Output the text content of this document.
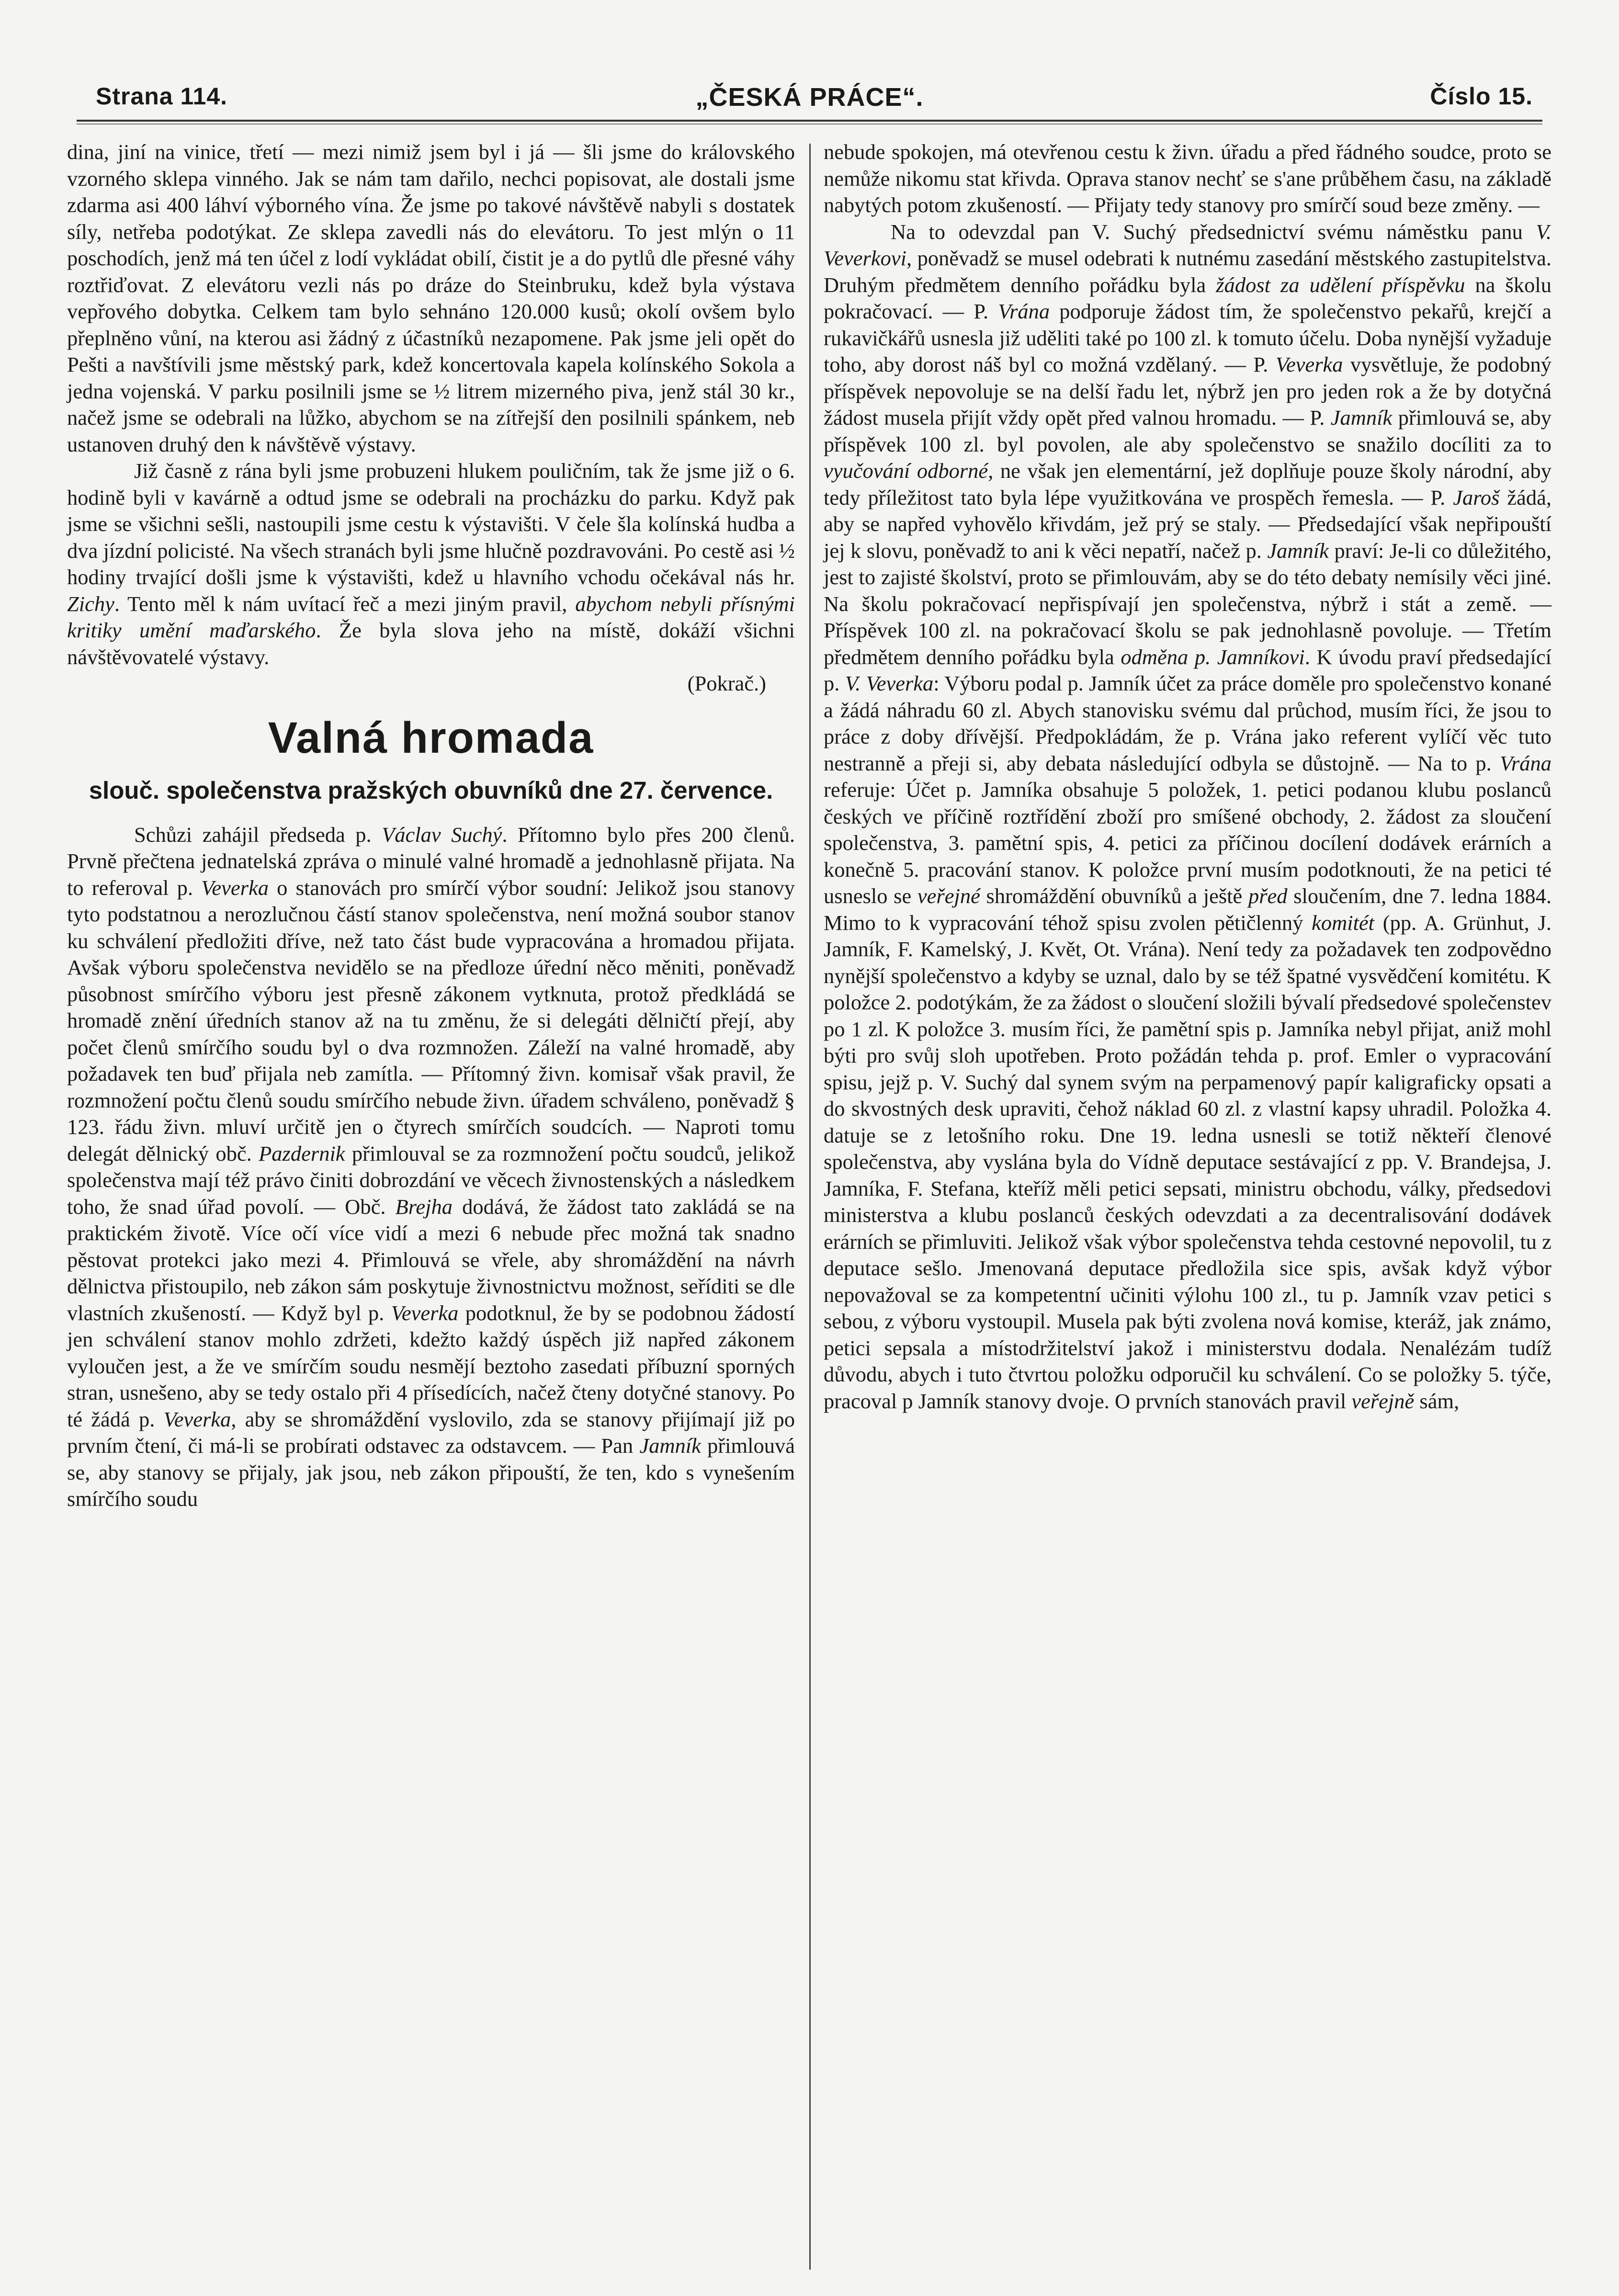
Strana 114.	„ČESKÁ PRÁCE“.	Číslo 15.

dina, jiní na vinice, třetí — mezi nimiž jsem byl i já — šli jsme do královského vzorného sklepa vinného. Jak se nám tam dařilo, nechci popisovat, ale dostali jsme zdarma asi 400 láhví výborného vína. Že jsme po takové návštěvě nabyli s dostatek síly, netřeba podotýkat. Ze sklepa zavedli nás do elevátoru. To jest mlýn o 11 poschodích, jenž má ten účel z lodí vykládat obilí, čistit je a do pytlů dle přesné váhy roztřiďovat. Z elevátoru vezli nás po dráze do Steinbruku, kdež byla výstava vepřového dobytka. Celkem tam bylo sehnáno 120.000 kusů; okolí ovšem bylo přeplněno vůní, na kterou asi žádný z účastníků nezapomene. Pak jsme jeli opět do Pešti a navštívili jsme městský park, kdež koncertovala kapela kolínského Sokola a jedna vojenská. V parku posilnili jsme se ½ litrem mizerného piva, jenž stál 30 kr., načež jsme se odebrali na lůžko, abychom se na zítřejší den posilnili spánkem, neb ustanoven druhý den k návštěvě výstavy.

Již časně z rána byli jsme probuzeni hlukem pouličním, tak že jsme již o 6. hodině byli v kavárně a odtud jsme se odebrali na procházku do parku. Když pak jsme se všichni sešli, nastoupili jsme cestu k výstavišti. V čele šla kolínská hudba a dva jízdní policisté. Na všech stranách byli jsme hlučně pozdravováni. Po cestě asi ½ hodiny trvající došli jsme k výstavišti, kdež u hlavního vchodu očekával nás hr. Zichy. Tento měl k nám uvítací řeč a mezi jiným pravil, abychom nebyli přísnými kritiky umění maďarského. Že byla slova jeho na místě, dokáží všichni návštěvovatelé výstavy.

(Pokrač.)

Valná hromada
slouč. společenstva pražských obuvníků dne 27. července.

Schůzi zahájil předseda p. Václav Suchý. Přítomno bylo přes 200 členů. Prvně přečtena jednatelská zpráva o minulé valné hromadě a jednohlasně přijata. Na to referoval p. Veverka o stanovách pro smírčí výbor soudní: Jelikož jsou stanovy tyto podstatnou a nerozlučnou částí stanov společenstva, není možná soubor stanov ku schválení předložiti dříve, než tato část bude vypracována a hromadou přijata. Avšak výboru společenstva nevidělo se na předloze úřední něco měniti, poněvadž působnost smírčího výboru jest přesně zákonem vytknuta, protož předkládá se hromadě znění úředních stanov až na tu změnu, že si delegáti dělničtí přejí, aby počet členů smírčího soudu byl o dva rozmnožen. Záleží na valné hromadě, aby požadavek ten buď přijala neb zamítla. — Přítomný živn. komisař však pravil, že rozmnožení počtu členů soudu smírčího nebude živn. úřadem schváleno, poněvadž § 123. řádu živn. mluví určitě jen o čtyrech smírčích soudcích. — Naproti tomu delegát dělnický obč. Pazdernik přimlouval se za rozmnožení počtu soudců, jelikož společenstva mají též právo činiti dobrozdání ve věcech živnostenských a následkem toho, že snad úřad povolí. — Obč. Brejha dodává, že žádost tato zakládá se na praktickém životě. Více očí více vidí a mezi 6 nebude přec možná tak snadno pěstovat protekci jako mezi 4. Přimlouvá se vřele, aby shromáždění na návrh dělnictva přistoupilo, neb zákon sám poskytuje živnostnictvu možnost, seříditi se dle vlastních zkušeností. — Když byl p. Veverka podotknul, že by se podobnou žádostí jen schválení stanov mohlo zdržeti, kdežto každý úspěch již napřed zákonem vyloučen jest, a že ve smírčím soudu nesmějí beztoho zasedati příbuzní sporných stran, usnešeno, aby se tedy ostalo při 4 přísedících, načež čteny dotyčné stanovy. Po té žádá p. Veverka, aby se shromáždění vyslovilo, zda se stanovy přijímají již po prvním čtení, či má-li se probírati odstavec za odstavcem. — Pan Jamník přimlouvá se, aby stanovy se přijaly, jak jsou, neb zákon připouští, že ten, kdo s vynešením smírčího soudu

nebude spokojen, má otevřenou cestu k živn. úřadu a před řádného soudce, proto se nemůže nikomu stat křivda. Oprava stanov nechť se s'ane průběhem času, na základě nabytých potom zkušeností. — Přijaty tedy stanovy pro smírčí soud beze změny. —

Na to odevzdal pan V. Suchý předsednictví svému náměstku panu V. Veverkovi, poněvadž se musel odebrati k nutnému zasedání městského zastupitelstva. Druhým předmětem denního pořádku byla žádost za udělení příspěvku na školu pokračovací. — P. Vrána podporuje žádost tím, že společenstvo pekařů, krejčí a rukavičkářů usnesla již uděliti také po 100 zl. k tomuto účelu. Doba nynější vyžaduje toho, aby dorost náš byl co možná vzdělaný. — P. Veverka vysvětluje, že podobný příspěvek nepovoluje se na delší řadu let, nýbrž jen pro jeden rok a že by dotyčná žádost musela přijít vždy opět před valnou hromadu. — P. Jamník přimlouvá se, aby příspěvek 100 zl. byl povolen, ale aby společenstvo se snažilo docíliti za to vyučování odborné, ne však jen elementární, jež doplňuje pouze školy národní, aby tedy příležitost tato byla lépe využitkována ve prospěch řemesla. — P. Jaroš žádá, aby se napřed vyhovělo křivdám, jež prý se staly. — Předsedající však nepřipouští jej k slovu, poněvadž to ani k věci nepatří, načež p. Jamník praví: Je-li co důležitého, jest to zajisté školství, proto se přimlouvám, aby se do této debaty nemísily věci jiné. Na školu pokračovací nepřispívají jen společenstva, nýbrž i stát a země. — Příspěvek 100 zl. na pokračovací školu se pak jednohlasně povoluje. — Třetím předmětem denního pořádku byla odměna p. Jamníkovi. K úvodu praví předsedající p. V. Veverka: Výboru podal p. Jamník účet za práce doměle pro společenstvo konané a žádá náhradu 60 zl. Abych stanovisku svému dal průchod, musím říci, že jsou to práce z doby dřívější. Předpokládám, že p. Vrána jako referent vylíčí věc tuto nestranně a přeji si, aby debata následující odbyla se důstojně. — Na to p. Vrána referuje: Účet p. Jamníka obsahuje 5 položek, 1. petici podanou klubu poslanců českých ve příčině roztřídění zboží pro smíšené obchody, 2. žádost za sloučení společenstva, 3. pamětní spis, 4. petici za příčinou docílení dodávek erárních a konečně 5. pracování stanov. K položce první musím podotknouti, že na petici té usneslo se veřejné shromáždění obuvníků a ještě před sloučením, dne 7. ledna 1884. Mimo to k vypracování téhož spisu zvolen pětičlenný komitét (pp. A. Grünhut, J. Jamník, F. Kamelský, J. Květ, Ot. Vrána). Není tedy za požadavek ten zodpovědno nynější společenstvo a kdyby se uznal, dalo by se též špatné vysvědčení komitétu. K položce 2. podotýkám, že za žádost o sloučení složili bývalí předsedové společenstev po 1 zl. K položce 3. musím říci, že pamětní spis p. Jamníka nebyl přijat, aniž mohl býti pro svůj sloh upotřeben. Proto požádán tehda p. prof. Emler o vypracování spisu, jejž p. V. Suchý dal synem svým na perpamenový papír kaligraficky opsati a do skvostných desk upraviti, čehož náklad 60 zl. z vlastní kapsy uhradil. Položka 4. datuje se z letošního roku. Dne 19. ledna usnesli se totiž někteří členové společenstva, aby vyslána byla do Vídně deputace sestávající z pp. V. Brandejsa, J. Jamníka, F. Stefana, kteříž měli petici sepsati, ministru obchodu, války, předsedovi ministerstva a klubu poslanců českých odevzdati a za decentralisování dodávek erárních se přimluviti. Jelikož však výbor společenstva tehda cestovné nepovolil, tu z deputace sešlo. Jmenovaná deputace předložila sice spis, avšak když výbor nepovažoval se za kompetentní učiniti výlohu 100 zl., tu p. Jamník vzav petici s sebou, z výboru vystoupil. Musela pak býti zvolena nová komise, kteráž, jak známo, petici sepsala a místodržitelství jakož i ministerstvu dodala. Nenalézám tudíž důvodu, abych i tuto čtvrtou položku odporučil ku schválení. Co se položky 5. týče, pracoval p Jamník stanovy dvoje. O prvních stanovách pravil veřejně sám,
